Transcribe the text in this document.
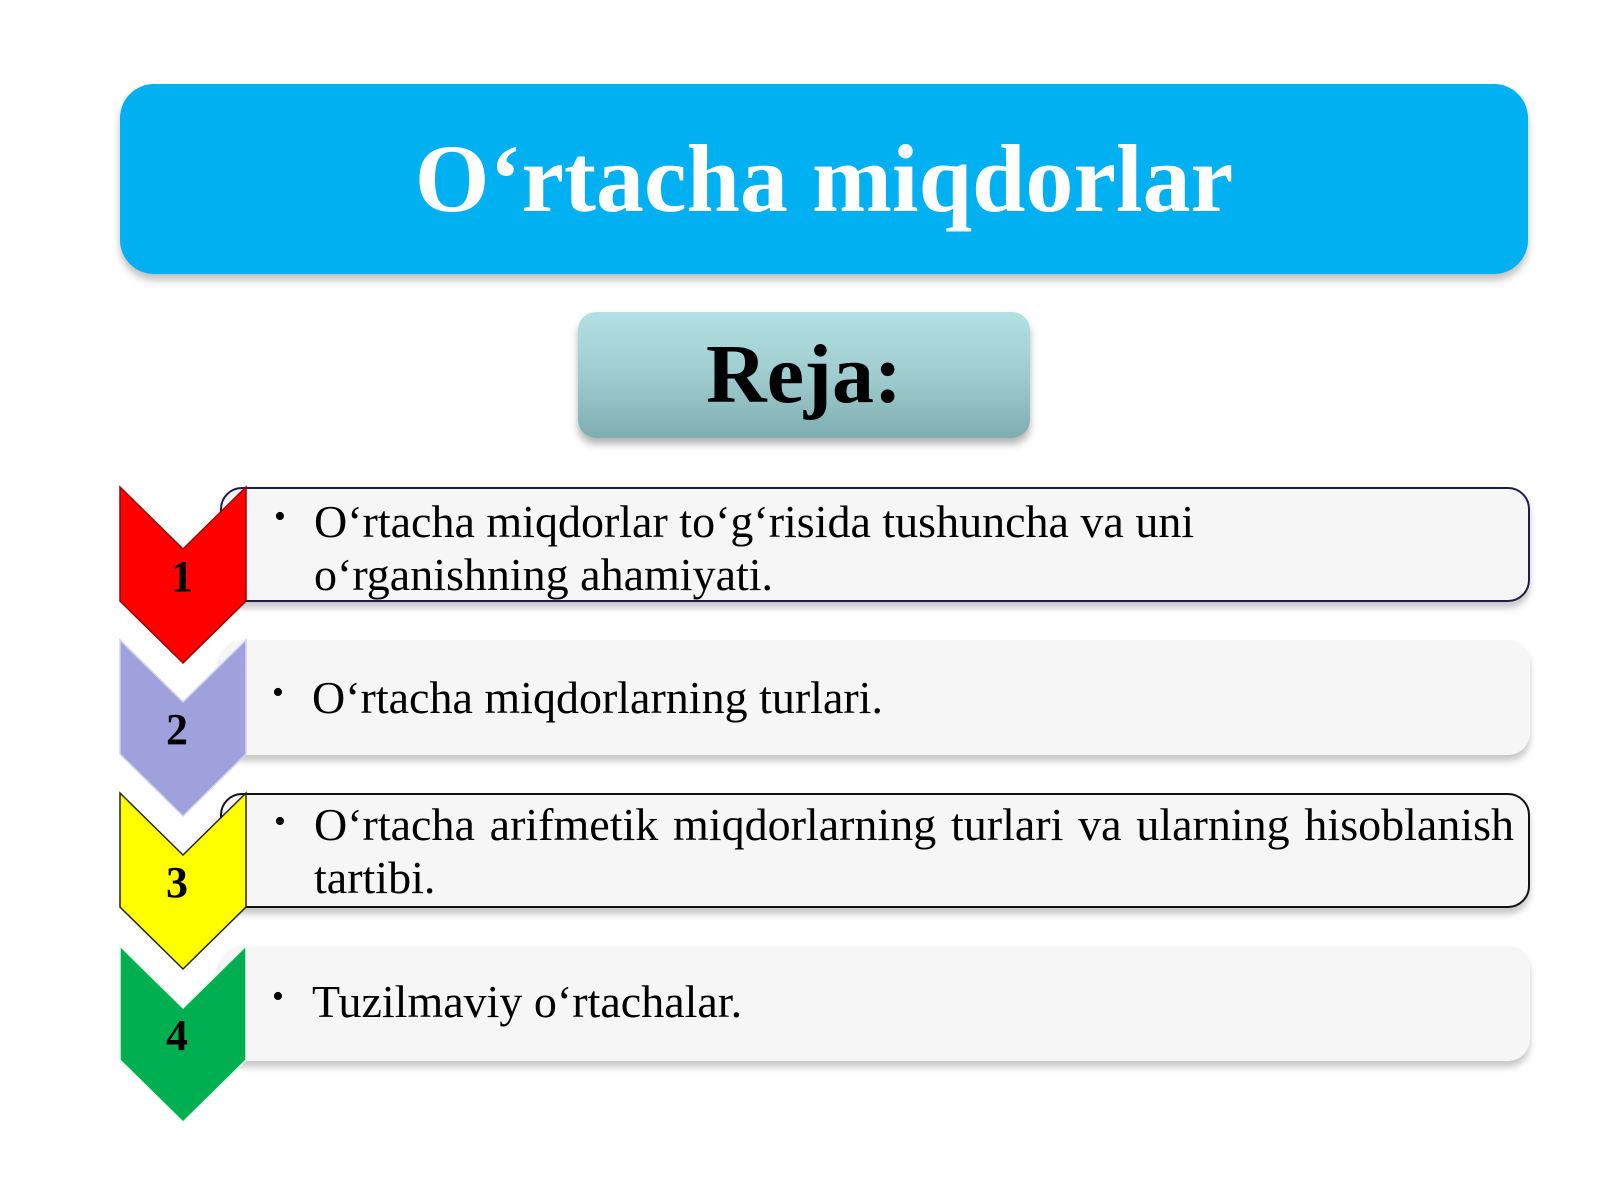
O‘rtacha miqdorlar
Reja:
• O‘rtacha miqdorlar to‘g‘risida tushuncha va uni o‘rganishning ahamiyati.
• O‘rtacha miqdorlarning turlari.
• O‘rtacha arifmetik miqdorlarning turlari va ularning hisoblanish tartibi.
• Tuzilmaviy o‘rtachalar.
1
2
3
4
